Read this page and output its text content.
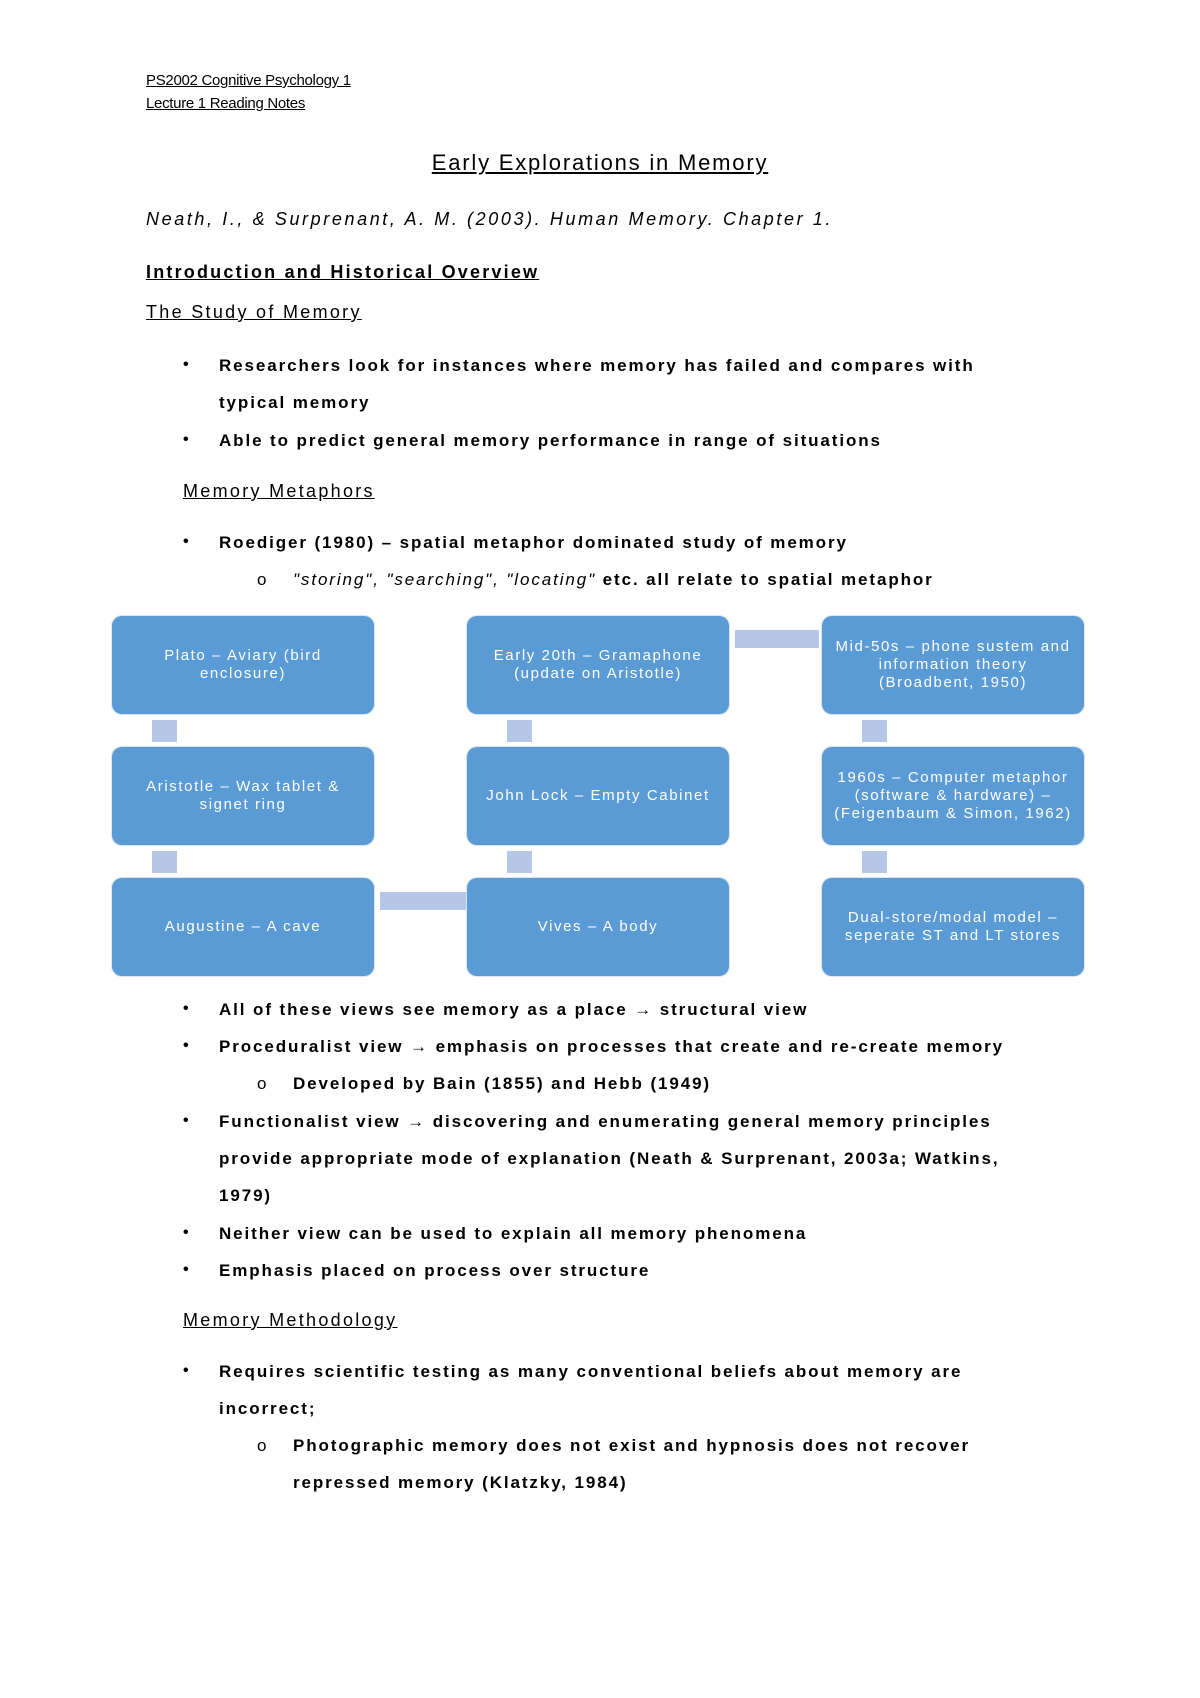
PS2002 Cognitive Psychology 1
Lecture 1 Reading Notes
Early Explorations in Memory
Neath, I., & Surprenant, A. M. (2003). Human Memory. Chapter 1.
Introduction and Historical Overview
The Study of Memory
• Researchers look for instances where memory has failed and compares with
typical memory
• Able to predict general memory performance in range of situations
Memory Metaphors
• Roediger (1980) – spatial metaphor dominated study of memory
o "storing", "searching", "locating" etc. all relate to spatial metaphor
Plato – Aviary (bird enclosure)
Aristotle – Wax tablet & signet ring
Augustine – A cave
Early 20th – Gramaphone (update on Aristotle)
John Lock – Empty Cabinet
Vives – A body
Mid-50s – phone sustem and information theory (Broadbent, 1950)
1960s – Computer metaphor (software & hardware) – (Feigenbaum & Simon, 1962)
Dual-store/modal model – seperate ST and LT stores
• All of these views see memory as a place → structural view
• Proceduralist view → emphasis on processes that create and re-create memory
o Developed by Bain (1855) and Hebb (1949)
• Functionalist view → discovering and enumerating general memory principles
provide appropriate mode of explanation (Neath & Surprenant, 2003a; Watkins,
1979)
• Neither view can be used to explain all memory phenomena
• Emphasis placed on process over structure
Memory Methodology
• Requires scientific testing as many conventional beliefs about memory are
incorrect;
o Photographic memory does not exist and hypnosis does not recover
repressed memory (Klatzky, 1984)
